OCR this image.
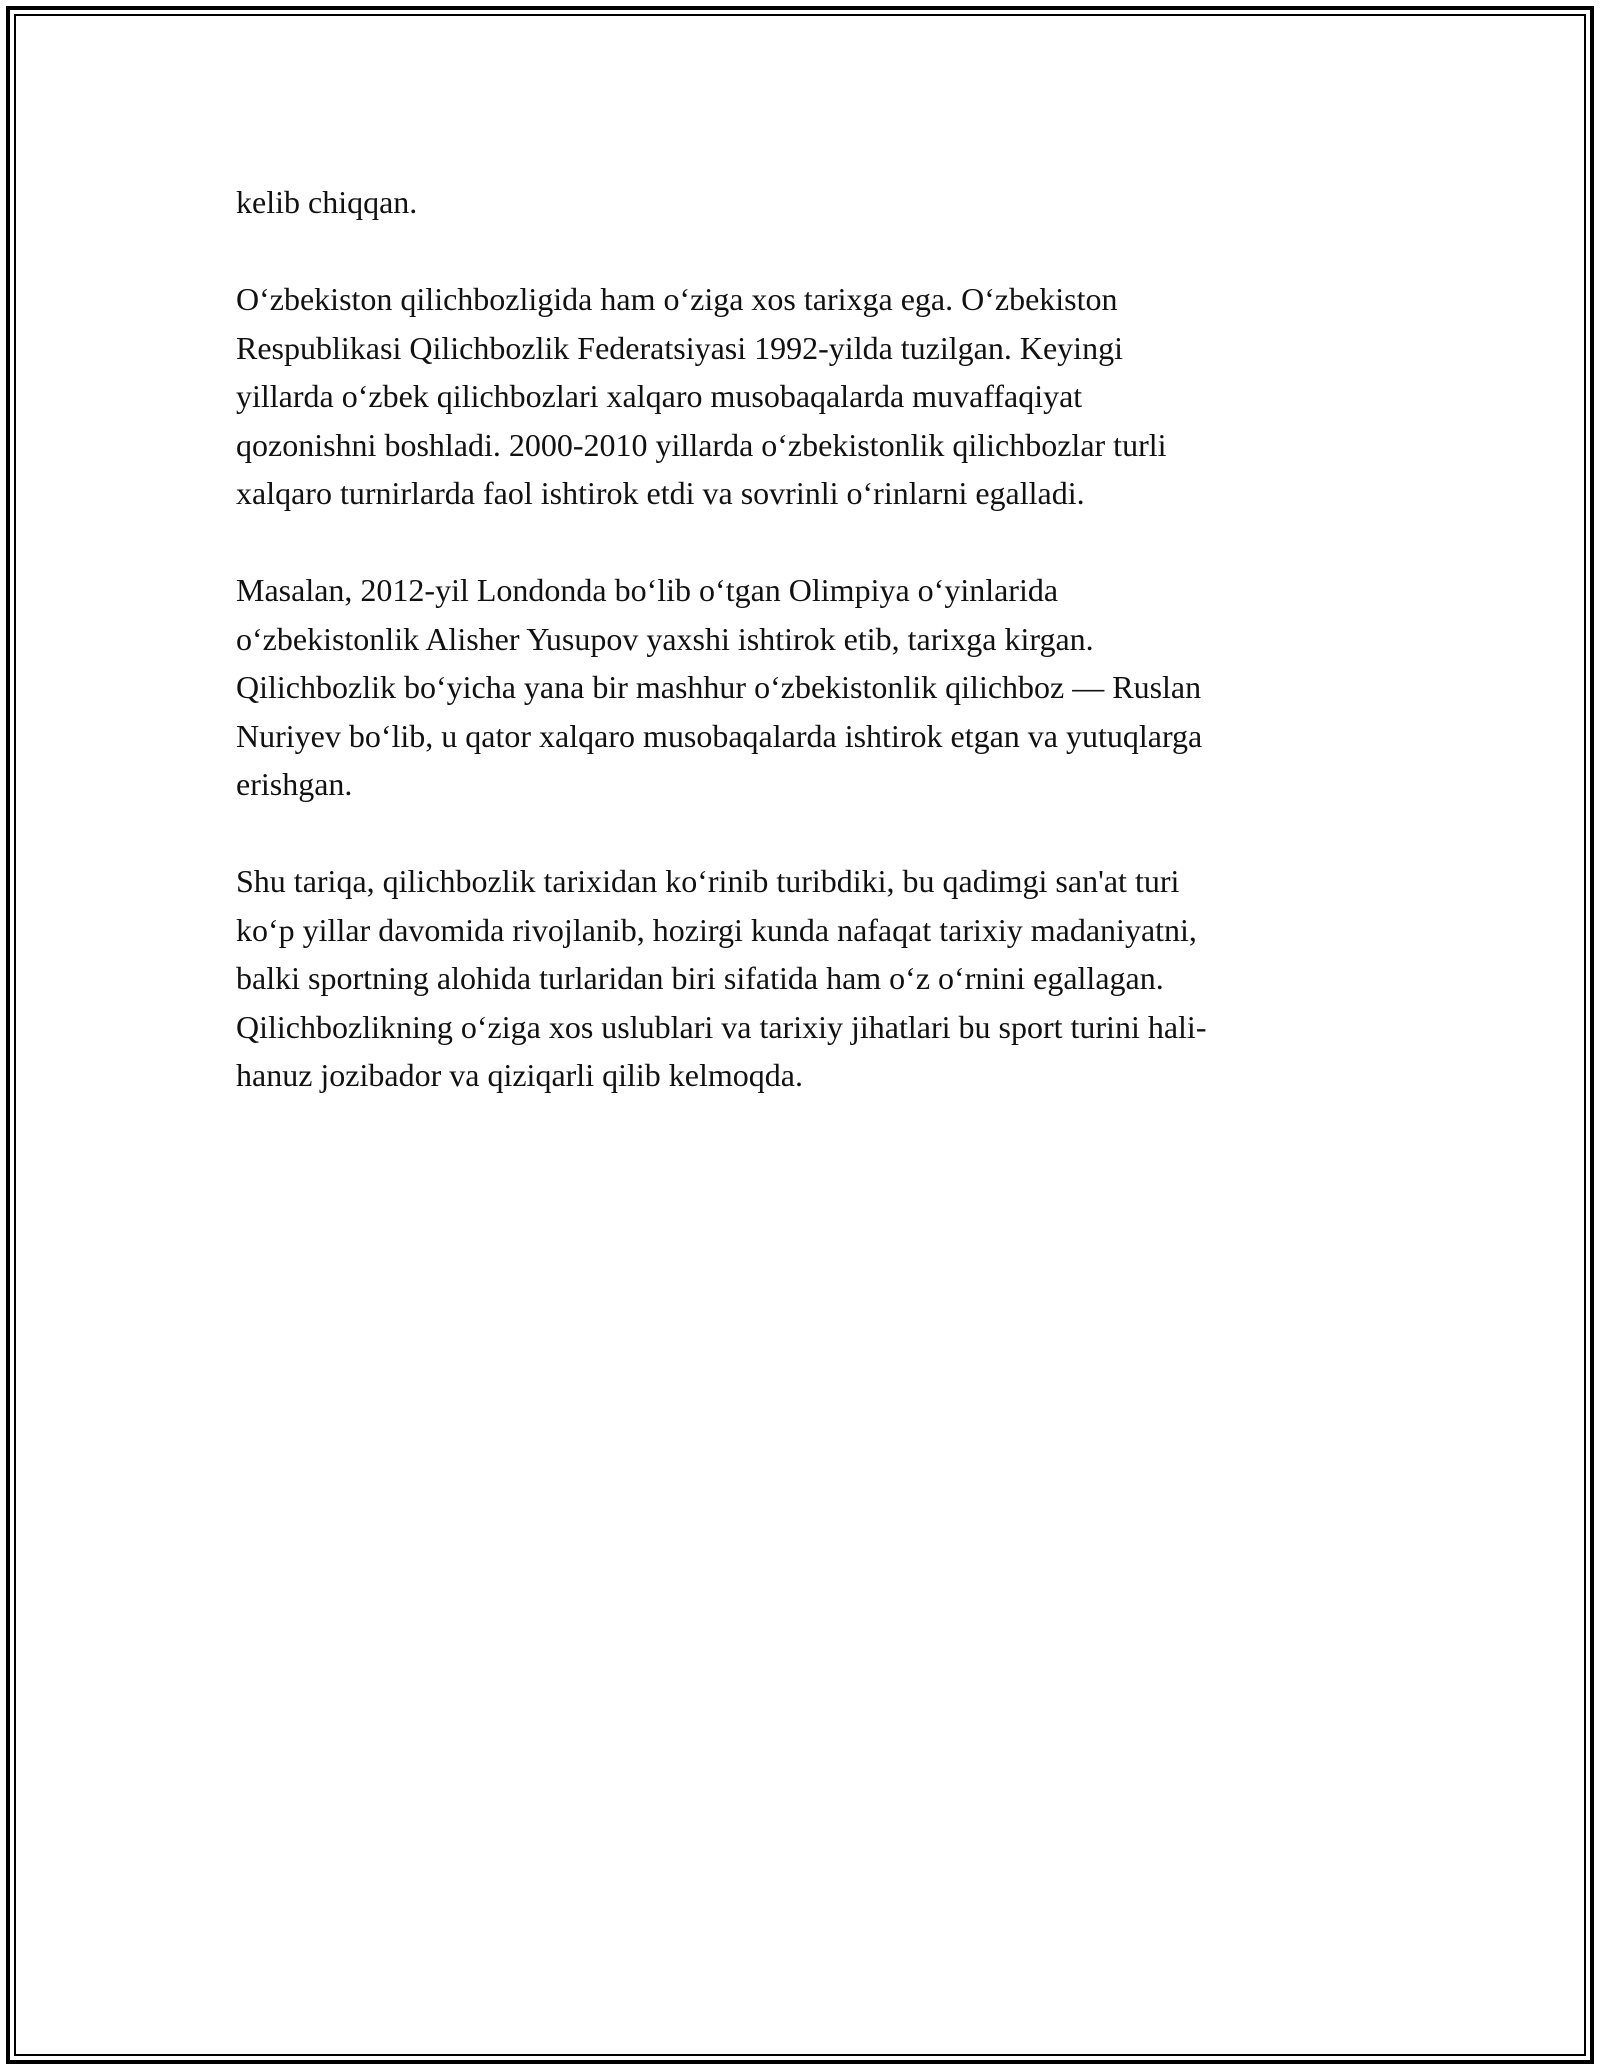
kelib chiqqan.

O‘zbekiston qilichbozligida ham o‘ziga xos tarixga ega. O‘zbekiston
Respublikasi Qilichbozlik Federatsiyasi 1992-yilda tuzilgan. Keyingi
yillarda o‘zbek qilichbozlari xalqaro musobaqalarda muvaffaqiyat
qozonishni boshladi. 2000-2010 yillarda o‘zbekistonlik qilichbozlar turli
xalqaro turnirlarda faol ishtirok etdi va sovrinli o‘rinlarni egalladi.

Masalan, 2012-yil Londonda bo‘lib o‘tgan Olimpiya o‘yinlarida
o‘zbekistonlik Alisher Yusupov yaxshi ishtirok etib, tarixga kirgan.
Qilichbozlik bo‘yicha yana bir mashhur o‘zbekistonlik qilichboz — Ruslan
Nuriyev bo‘lib, u qator xalqaro musobaqalarda ishtirok etgan va yutuqlarga
erishgan.

Shu tariqa, qilichbozlik tarixidan ko‘rinib turibdiki, bu qadimgi san'at turi
ko‘p yillar davomida rivojlanib, hozirgi kunda nafaqat tarixiy madaniyatni,
balki sportning alohida turlaridan biri sifatida ham o‘z o‘rnini egallagan.
Qilichbozlikning o‘ziga xos uslublari va tarixiy jihatlari bu sport turini hali-
hanuz jozibador va qiziqarli qilib kelmoqda.
